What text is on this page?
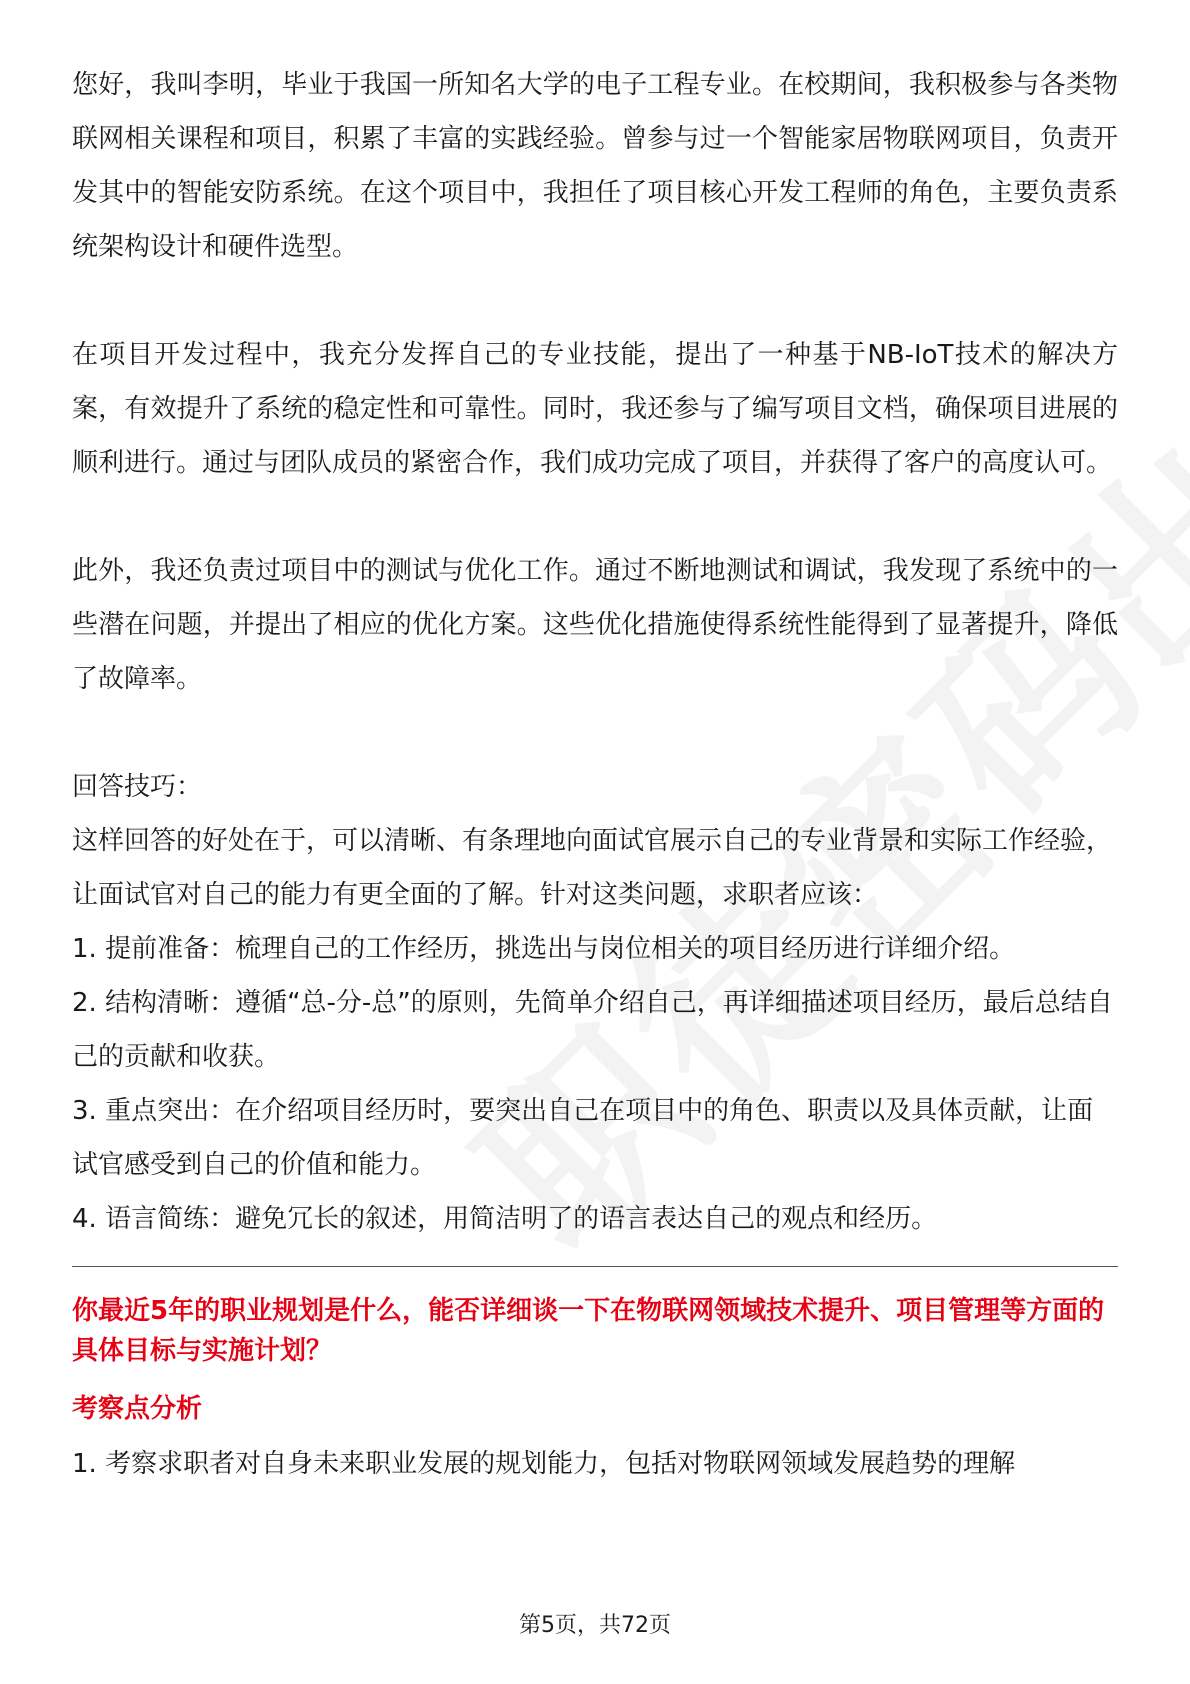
您好，我叫李明，毕业于我国一所知名大学的电子工程专业。在校期间，我积极参与各类物联网相关课程和项目，积累了丰富的实践经验。曾参与过一个智能家居物联网项目，负责开发其中的智能安防系统。在这个项目中，我担任了项目核心开发工程师的角色，主要负责系统架构设计和硬件选型。

在项目开发过程中，我充分发挥自己的专业技能，提出了一种基于NB-IoT技术的解决方案，有效提升了系统的稳定性和可靠性。同时，我还参与了编写项目文档，确保项目进展的顺利进行。通过与团队成员的紧密合作，我们成功完成了项目，并获得了客户的高度认可。

此外，我还负责过项目中的测试与优化工作。通过不断地测试和调试，我发现了系统中的一些潜在问题，并提出了相应的优化方案。这些优化措施使得系统性能得到了显著提升，降低了故障率。

回答技巧：

这样回答的好处在于，可以清晰、有条理地向面试官展示自己的专业背景和实际工作经验，让面试官对自己的能力有更全面的了解。针对这类问题，求职者应该：

1. 提前准备：梳理自己的工作经历，挑选出与岗位相关的项目经历进行详细介绍。

2. 结构清晰：遵循“总-分-总”的原则，先简单介绍自己，再详细描述项目经历，最后总结自己的贡献和收获。

3. 重点突出：在介绍项目经历时，要突出自己在项目中的角色、职责以及具体贡献，让面试官感受到自己的价值和能力。

4. 语言简练：避免冗长的叙述，用简洁明了的语言表达自己的观点和经历。

你最近5年的职业规划是什么，能否详细谈一下在物联网领域技术提升、项目管理等方面的具体目标与实施计划？

考察点分析

1. 考察求职者对自身未来职业发展的规划能力，包括对物联网领域发展趋势的理解

第5页，共72页
